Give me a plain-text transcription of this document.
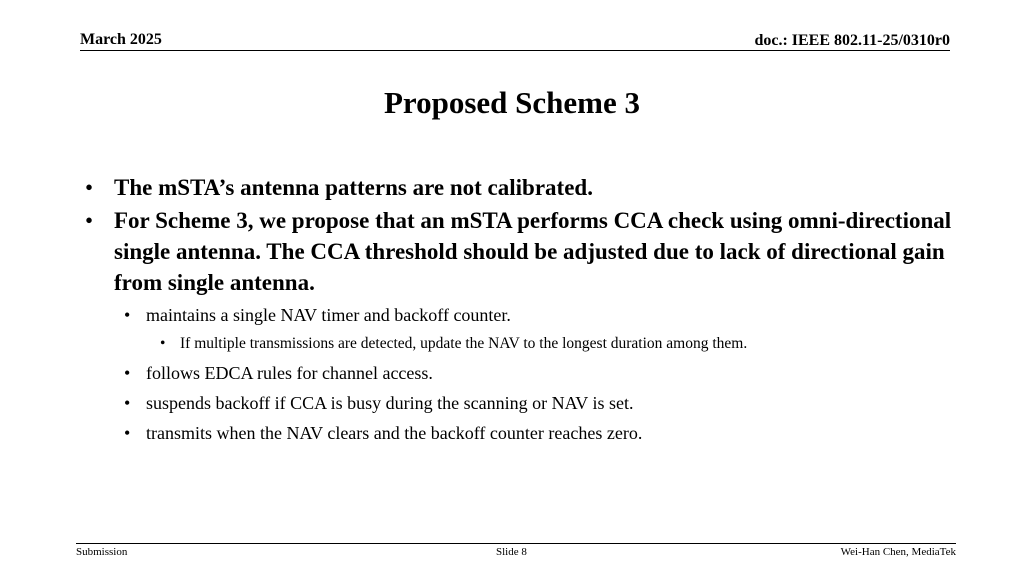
March 2025	doc.: IEEE 802.11-25/0310r0
Proposed Scheme 3
• The mSTA’s antenna patterns are not calibrated.
• For Scheme 3, we propose that an mSTA performs CCA check using omni-directional single antenna. The CCA threshold should be adjusted due to lack of directional gain from single antenna.
• maintains a single NAV timer and backoff counter.
• If multiple transmissions are detected, update the NAV to the longest duration among them.
• follows EDCA rules for channel access.
• suspends backoff if CCA is busy during the scanning or NAV is set.
• transmits when the NAV clears and the backoff counter reaches zero.
Submission	Slide 8	Wei-Han Chen, MediaTek
